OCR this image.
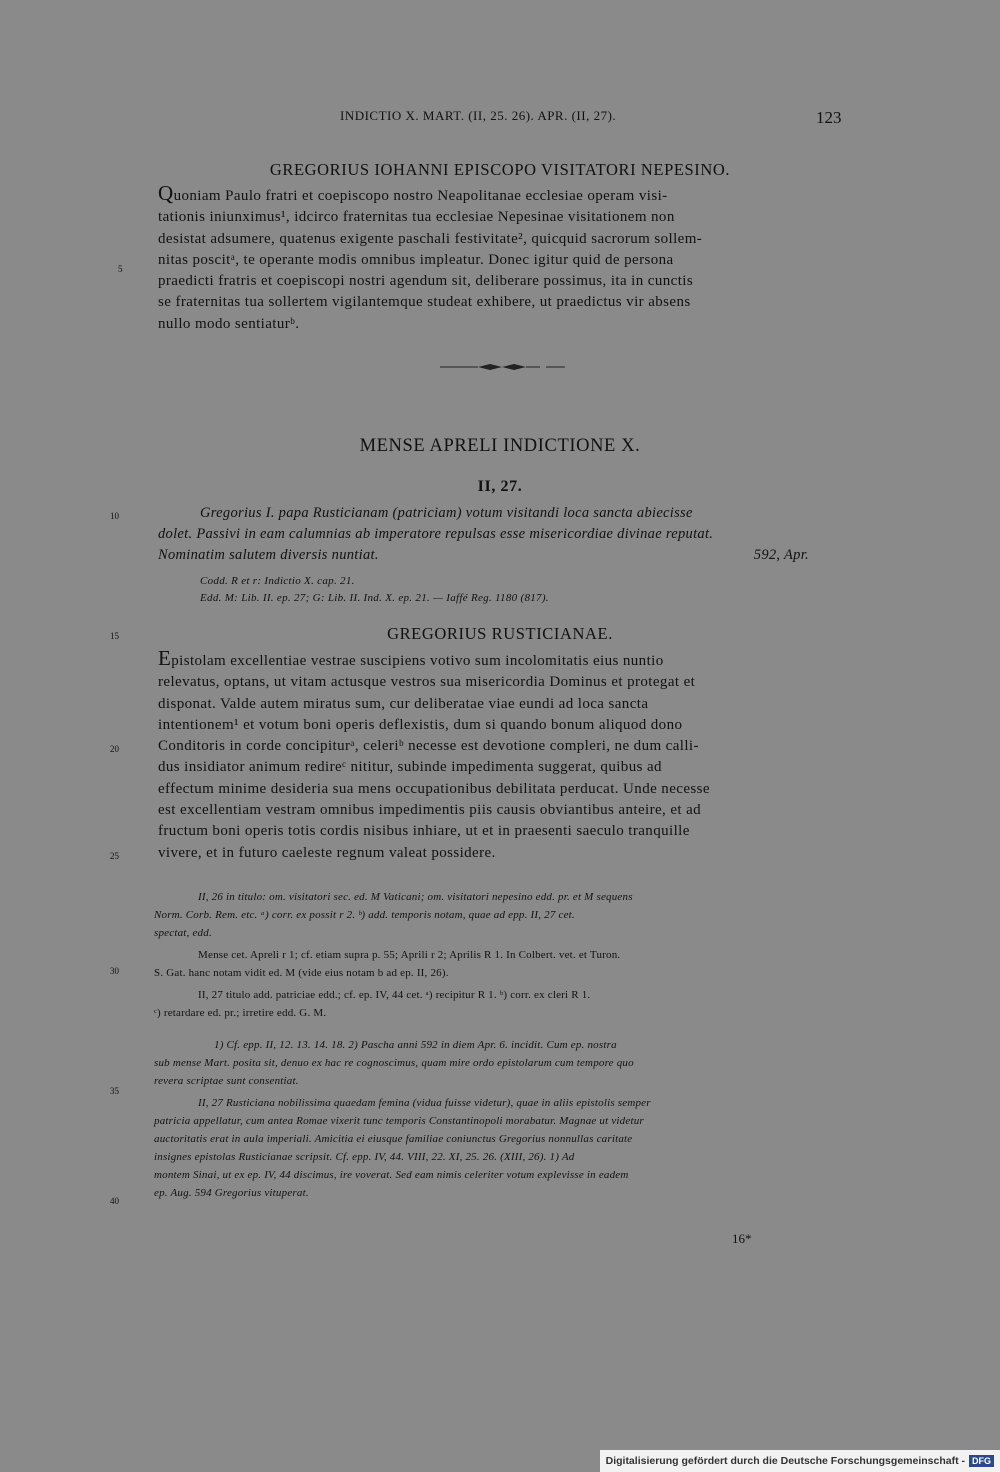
INDICTIO X. MART. (II, 25. 26). APR. (II, 27).	123
GREGORIUS IOHANNI EPISCOPO VISITATORI NEPESINO.

Quoniam Paulo fratri et coepiscopo nostro Neapolitanae ecclesiae operam visi-

tationis iniunximus¹, idcirco fraternitas tua ecclesiae Nepesinae visitationem non

desistat adsumere, quatenus exigente paschali festivitate², quicquid sacrorum sollem-

nitas poscitᵃ, te operante modis omnibus impleatur. Donec igitur quid de persona

praedicti fratris et coepiscopi nostri agendum sit, deliberare possimus, ita in cunctis

se fraternitas tua sollertem vigilantemque studeat exhibere, ut praedictus vir absens

nullo modo sentiaturᵇ.

MENSE APRELI INDICTIONE X.
II, 27.
Gregorius I. papa Rusticianam (patriciam) votum visitandi loca sancta abiecisse
dolet. Passivi in eam calumnias ab imperatore repulsas esse misericordiae divinae reputat.
Nominatim salutem diversis nuntiat.	592, Apr.
Codd. R et r: Indictio X. cap. 21.
Edd. M: Lib. II. ep. 27; G: Lib. II. Ind. X. ep. 21. — Iaffé Reg. 1180 (817).
GREGORIUS RUSTICIANAE.

Epistolam excellentiae vestrae suscipiens votivo sum incolomitatis eius nuntio

relevatus, optans, ut vitam actusque vestros sua misericordia Dominus et protegat et

disponat. Valde autem miratus sum, cur deliberatae viae eundi ad loca sancta

intentionem¹ et votum boni operis deflexistis, dum si quando bonum aliquod dono

Conditoris in corde concipiturᵃ, celeriᵇ necesse est devotione compleri, ne dum calli-

dus insidiator animum redireᶜ nititur, subinde impedimenta suggerat, quibus ad

effectum minime desideria sua mens occupationibus debilitata perducat. Unde necesse

est excellentiam vestram omnibus impedimentis piis causis obviantibus anteire, et ad

fructum boni operis totis cordis nisibus inhiare, ut et in praesenti saeculo tranquille

vivere, et in futuro caeleste regnum valeat possidere.

5
10
15
20
25
30
35
40

II, 26 in titulo: om. visitatori sec. ed. M Vaticani; om. visitatori nepesino edd. pr. et M sequens

Norm. Corb. Rem. etc. ᵃ) corr. ex possit r 2. ᵇ) add. temporis notam, quae ad epp. II, 27 cet.

spectat, edd.

Mense cet. Apreli r 1; cf. etiam supra p. 55; Aprili r 2; Aprilis R 1. In Colbert. vet. et Turon.

S. Gat. hanc notam vidit ed. M (vide eius notam b ad ep. II, 26).

II, 27 titulo add. patriciae edd.; cf. ep. IV, 44 cet. ᵃ) recipitur R 1. ᵇ) corr. ex cleri R 1.

ᶜ) retardare ed. pr.; irretire edd. G. M.

1) Cf. epp. II, 12. 13. 14. 18. 2) Pascha anni 592 in diem Apr. 6. incidit. Cum ep. nostra

sub mense Mart. posita sit, denuo ex hac re cognoscimus, quam mire ordo epistolarum cum tempore quo

revera scriptae sunt consentiat.

II, 27 Rusticiana nobilissima quaedam femina (vidua fuisse videtur), quae in aliis epistolis semper

patricia appellatur, cum antea Romae vixerit tunc temporis Constantinopoli morabatur. Magnae ut videtur

auctoritatis erat in aula imperiali. Amicitia ei eiusque familiae coniunctus Gregorius nonnullas caritate

insignes epistolas Rusticianae scripsit. Cf. epp. IV, 44. VIII, 22. XI, 25. 26. (XIII, 26). 1) Ad

montem Sinai, ut ex ep. IV, 44 discimus, ire voverat. Sed eam nimis celeriter votum explevisse in eadem

ep. Aug. 594 Gregorius vituperat.

16*
Digitalisierung gefördert durch die Deutsche Forschungsgemeinschaft - DFG
